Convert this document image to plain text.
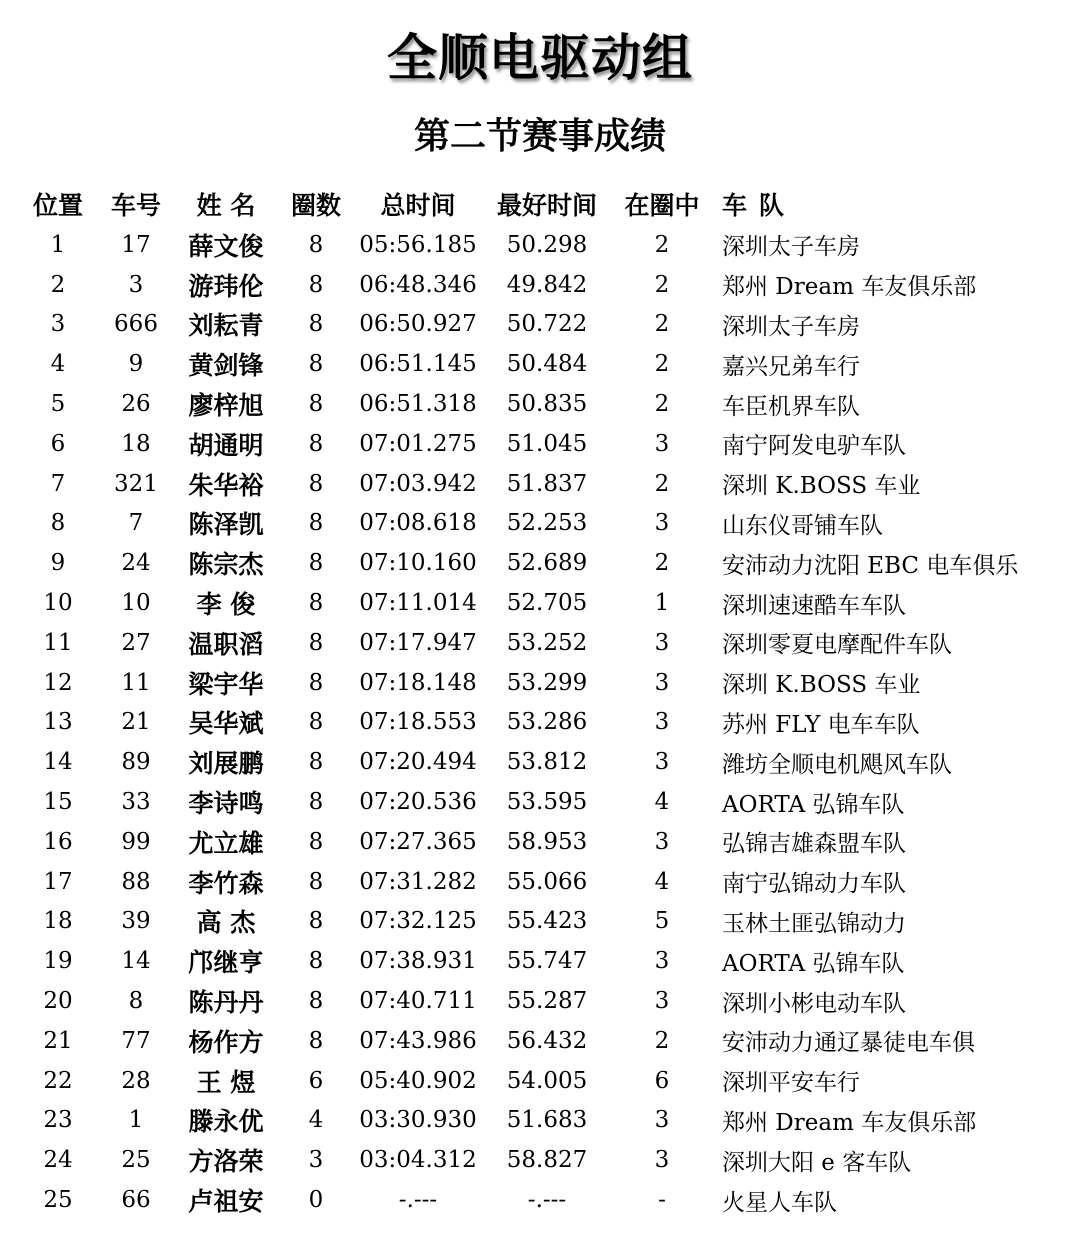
全顺电驱动组
第二节赛事成绩
位置	车号	姓 名	圈数	总时间	最好时间	在圈中	车队
1	17	薛文俊	8	05:56.185	50.298	2	深圳太子车房
2	3	游玮伦	8	06:48.346	49.842	2	郑州 Dream 车友俱乐部
3	666	刘耘青	8	06:50.927	50.722	2	深圳太子车房
4	9	黄剑锋	8	06:51.145	50.484	2	嘉兴兄弟车行
5	26	廖梓旭	8	06:51.318	50.835	2	车臣机界车队
6	18	胡通明	8	07:01.275	51.045	3	南宁阿发电驴车队
7	321	朱华裕	8	07:03.942	51.837	2	深圳 K.BOSS 车业
8	7	陈泽凯	8	07:08.618	52.253	3	山东仪哥铺车队
9	24	陈宗杰	8	07:10.160	52.689	2	安沛动力沈阳 EBC 电车俱乐
10	10	李 俊	8	07:11.014	52.705	1	深圳速速酷车车队
11	27	温职滔	8	07:17.947	53.252	3	深圳零夏电摩配件车队
12	11	梁宇华	8	07:18.148	53.299	3	深圳 K.BOSS 车业
13	21	吴华斌	8	07:18.553	53.286	3	苏州 FLY 电车车队
14	89	刘展鹏	8	07:20.494	53.812	3	潍坊全顺电机飓风车队
15	33	李诗鸣	8	07:20.536	53.595	4	AORTA 弘锦车队
16	99	尤立雄	8	07:27.365	58.953	3	弘锦吉雄森盟车队
17	88	李竹森	8	07:31.282	55.066	4	南宁弘锦动力车队
18	39	高 杰	8	07:32.125	55.423	5	玉林土匪弘锦动力
19	14	邝继亨	8	07:38.931	55.747	3	AORTA 弘锦车队
20	8	陈丹丹	8	07:40.711	55.287	3	深圳小彬电动车队
21	77	杨作方	8	07:43.986	56.432	2	安沛动力通辽暴徒电车俱
22	28	王 煜	6	05:40.902	54.005	6	深圳平安车行
23	1	滕永优	4	03:30.930	51.683	3	郑州 Dream 车友俱乐部
24	25	方洛荣	3	03:04.312	58.827	3	深圳大阳 e 客车队
25	66	卢祖安	0	-.---	-.---	-	火星人车队
